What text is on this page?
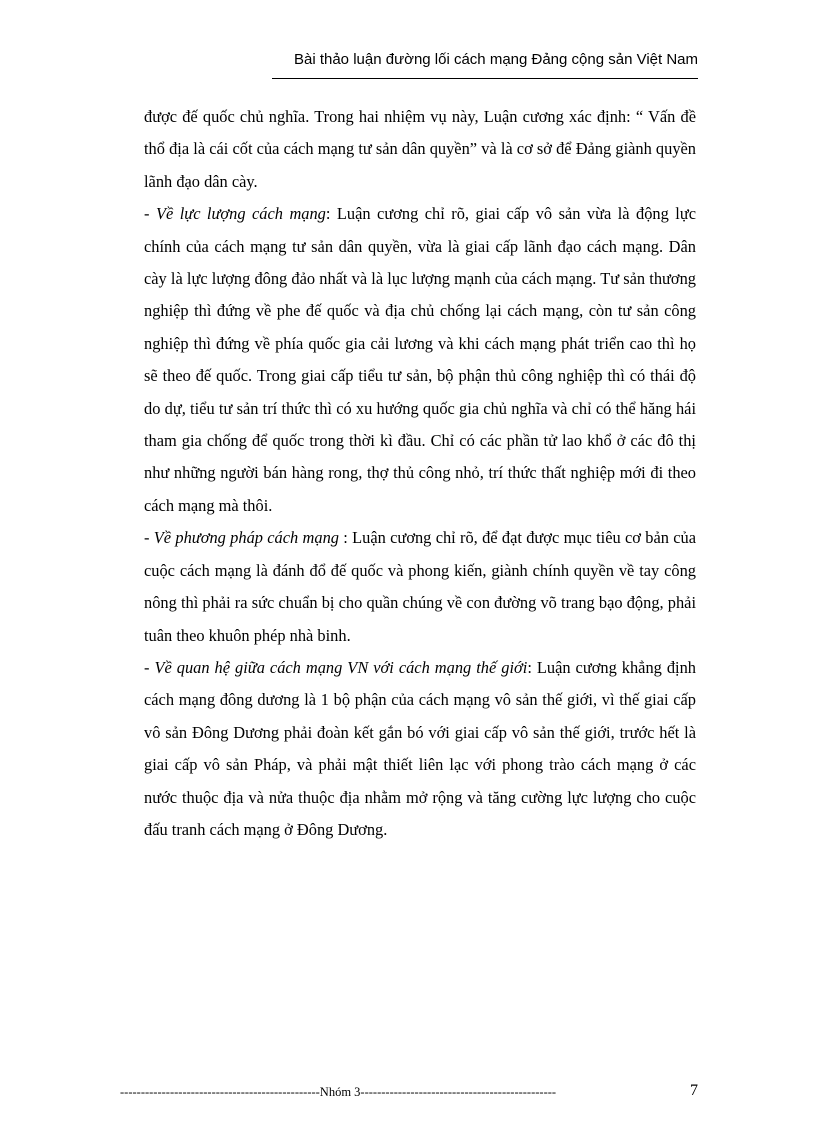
Bài thảo luận đường lối cách mạng Đảng cộng sản Việt Nam

được đế quốc chủ nghĩa. Trong hai nhiệm vụ này, Luận cương xác định: “ Vấn đề thổ địa là cái cốt của cách mạng tư sản dân quyền” và là cơ sở để Đảng giành quyền lãnh đạo dân cày.

- Về lực lượng cách mạng: Luận cương chỉ rõ, giai cấp vô sản vừa là động lực chính của cách mạng tư sản dân quyền, vừa là giai cấp lãnh đạo cách mạng. Dân cày là lực lượng đông đảo nhất và là lục lượng mạnh của cách mạng. Tư sản thương nghiệp thì đứng về phe đế quốc và địa chủ chống lại cách mạng, còn tư sản công nghiệp thì đứng về phía quốc gia cải lương và khi cách mạng phát triển cao thì họ sẽ theo đế quốc. Trong giai cấp tiểu tư sản, bộ phận thủ công nghiệp thì có thái độ do dự, tiểu tư sản trí thức thì có xu hướng quốc gia chủ nghĩa và chỉ có thể hăng hái tham gia chống để quốc trong thời kì đầu. Chỉ có các phần tử lao khổ ở các đô thị như những người bán hàng rong, thợ thủ công nhỏ, trí thức thất nghiệp mới đi theo cách mạng mà thôi.

- Về phương pháp cách mạng : Luận cương chỉ rõ, để đạt được mục tiêu cơ bản của cuộc cách mạng là đánh đổ đế quốc và phong kiến, giành chính quyền về tay công nông thì phải ra sức chuẩn bị cho quần chúng về con đường võ trang bạo động, phải tuân theo khuôn phép nhà binh.

- Về quan hệ giữa cách mạng VN với cách mạng thế giới: Luận cương khẳng định cách mạng đông dương là 1 bộ phận của cách mạng vô sản thế giới, vì thế giai cấp vô sản Đông Dương phải đoàn kết gắn bó với giai cấp vô sản thế giới, trước hết là giai cấp vô sản Pháp, và phải mật thiết liên lạc với phong trào cách mạng ở các nước thuộc địa và nửa thuộc địa nhằm mở rộng và tăng cường lực lượng cho cuộc đấu tranh cách mạng ở Đông Dương.

------------------------------------------------Nhóm 3-----------------------------------------------	7
